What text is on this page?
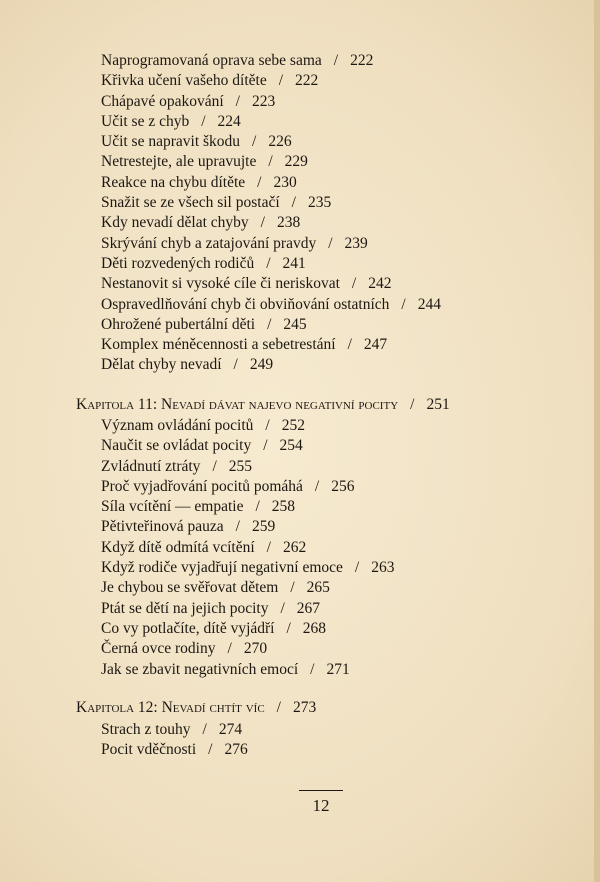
Naprogramovaná oprava sebe sama / 222
Křivka učení vašeho dítěte / 222
Chápavé opakování / 223
Učit se z chyb / 224
Učit se napravit škodu / 226
Netrestejte, ale upravujte / 229
Reakce na chybu dítěte / 230
Snažit se ze všech sil postačí / 235
Kdy nevadí dělat chyby / 238
Skrývání chyb a zatajování pravdy / 239
Děti rozvedených rodičů / 241
Nestanovit si vysoké cíle či neriskovat / 242
Ospravedlňování chyb či obviňování ostatních / 244
Ohrožené pubertální děti / 245
Komplex méněcennosti a sebetrestání / 247
Dělat chyby nevadí / 249
Kapitola 11: Nevadí dávat najevo negativní pocity / 251
Význam ovládání pocitů / 252
Naučit se ovládat pocity / 254
Zvládnutí ztráty / 255
Proč vyjadřování pocitů pomáhá / 256
Síla vcítění — empatie / 258
Pětivteřinová pauza / 259
Když dítě odmítá vcítění / 262
Když rodiče vyjadřují negativní emoce / 263
Je chybou se svěřovat dětem / 265
Ptát se dětí na jejich pocity / 267
Co vy potlačíte, dítě vyjádří / 268
Černá ovce rodiny / 270
Jak se zbavit negativních emocí / 271
Kapitola 12: Nevadí chtít víc / 273
Strach z touhy / 274
Pocit vděčnosti / 276
12
